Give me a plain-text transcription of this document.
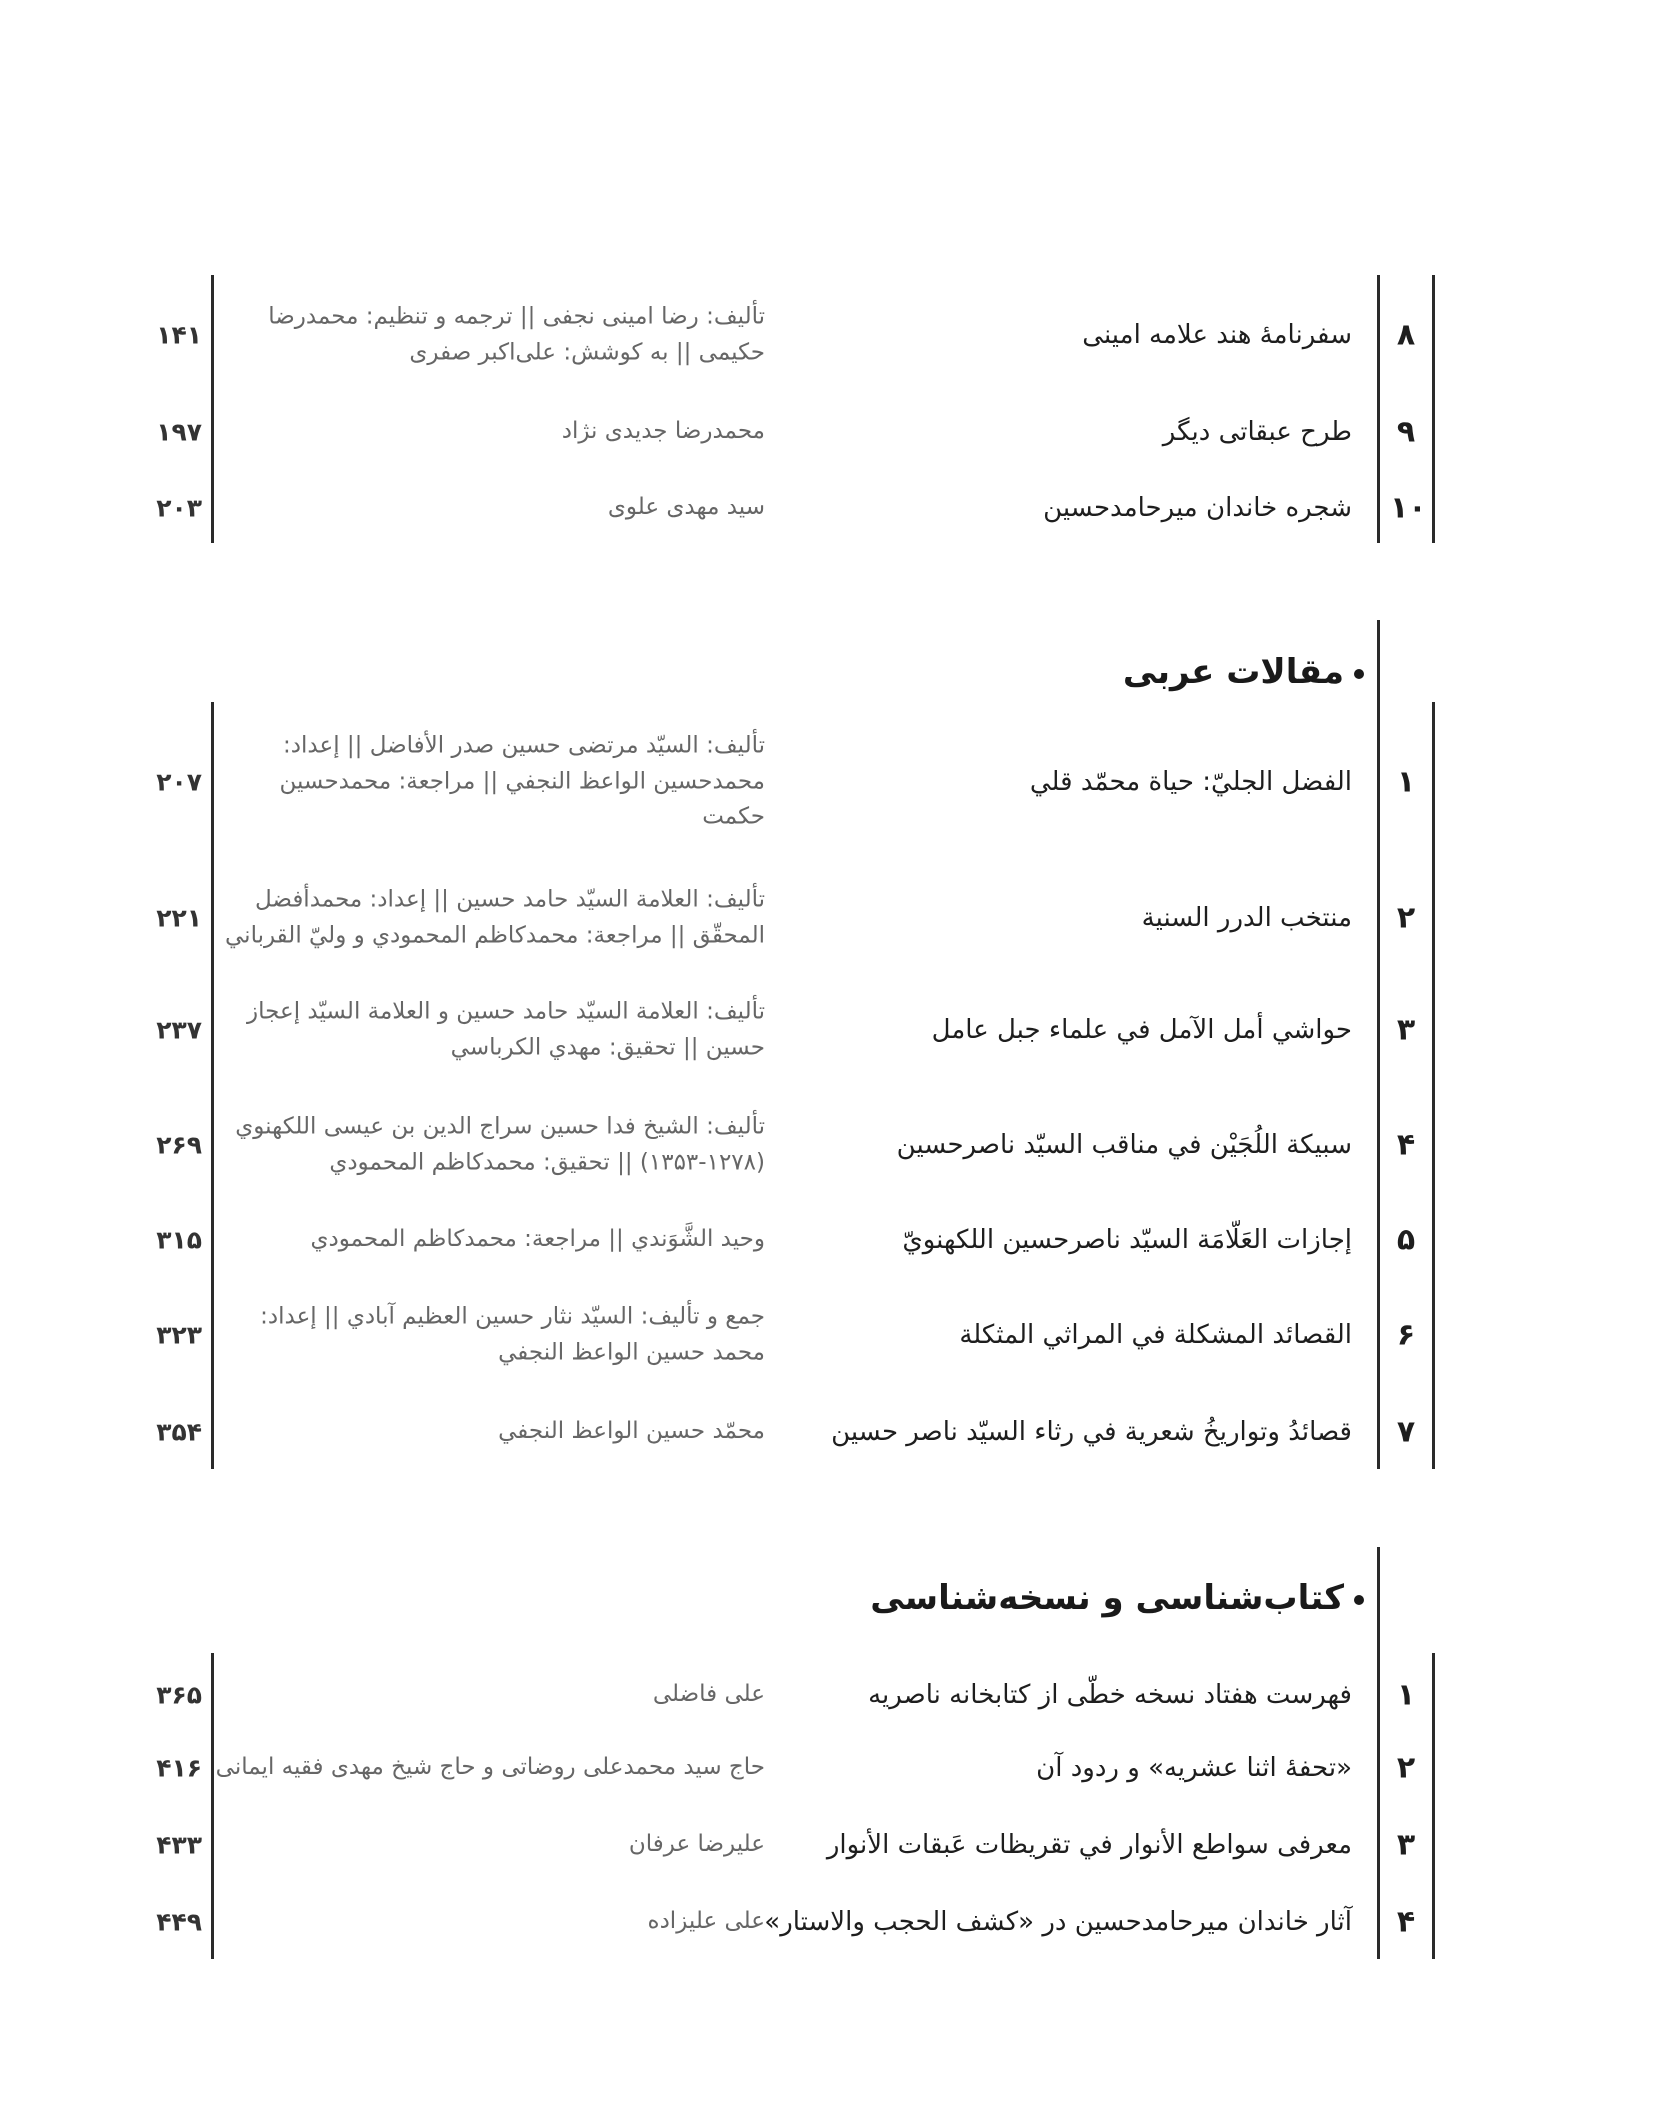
۸
سفرنامهٔ هند علامه امینی
تألیف: رضا امینی نجفی || ترجمه و تنظیم: محمدرضا حکیمی || به کوشش: علی‌اکبر صفری
۱۴۱
۹
طرح عبقاتی دیگر
محمدرضا جدیدی نژاد
۱۹۷
۱۰
شجره خاندان میرحامدحسین
سید مهدی علوی
۲۰۳
مقالات عربی
۱
الفضل الجليّ: حياة محمّد قلي
تأليف: السيّد مرتضى حسين صدر الأفاضل || إعداد: محمدحسين الواعظ النجفي || مراجعة: محمدحسين حكمت
۲۰۷
۲
منتخب الدرر السنية
تأليف: العلامة السيّد حامد حسين || إعداد: محمدأفضل المحقّق || مراجعة: محمدكاظم المحمودي و وليّ القرباني
۲۲۱
۳
حواشي أمل الآمل في علماء جبل عامل
تأليف: العلامة السيّد حامد حسين و العلامة السيّد إعجاز حسين || تحقيق: مهدي الكرباسي
۲۳۷
۴
سبيكة اللُجَيْن في مناقب السيّد ناصرحسين
تأليف: الشيخ فدا حسين سراج الدين بن عيسى اللكهنوي (۱۲۷۸-۱۳۵۳) || تحقيق: محمدكاظم المحمودي
۲۶۹
۵
إجازات العَلّامَة السيّد ناصرحسين اللكهنويّ
وحيد الشَّوَندي || مراجعة: محمدكاظم المحمودي
۳۱۵
۶
القصائد المشكلة في المراثي المثكلة
جمع و تأليف: السيّد نثار حسين العظيم آبادي || إعداد: محمد حسين الواعظ النجفي
۳۲۳
۷
قصائدُ وتواريخُ شعرية في رثاء السيّد ناصر حسين
محمّد حسين الواعظ النجفي
۳۵۴
کتاب‌شناسی و نسخه‌شناسی
۱
فهرست هفتاد نسخه خطّی از کتابخانه ناصریه
علی فاضلی
۳۶۵
۲
«تحفهٔ اثنا عشریه» و ردود آن
حاج سید محمدعلی روضاتی و حاج شیخ مهدی فقیه ایمانی
۴۱۶
۳
معرفی سواطع الأنوار في تقريظات عَبقات الأنوار
علیرضا عرفان
۴۳۳
۴
آثار خاندان میرحامدحسین در «کشف الحجب والاستار»
علی علیزاده
۴۴۹
